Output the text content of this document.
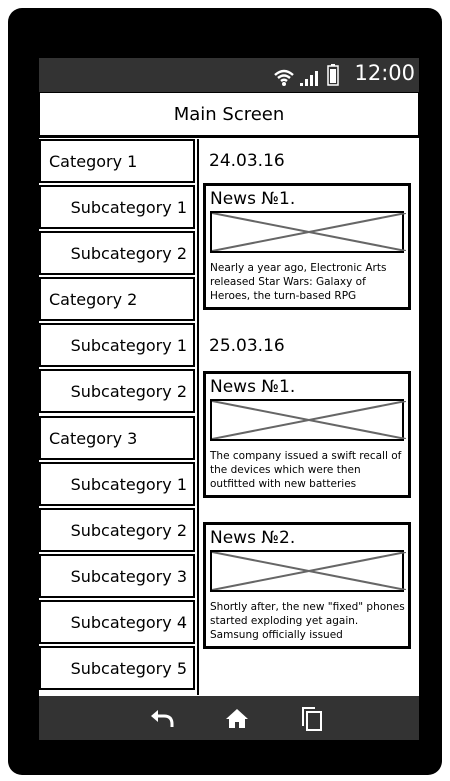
12:00
Main Screen
Category 1
Subcategory 1
Subcategory 2
Category 2
Subcategory 1
Subcategory 2
Category 3
Subcategory 1
Subcategory 2
Subcategory 3
Subcategory 4
Subcategory 5
24.03.16
News №1.
Nearly a year ago, Electronic Arts released Star Wars: Galaxy of Heroes, the turn-based RPG
25.03.16
News №1.
The company issued a swift recall of the devices which were then outfitted with new batteries
News №2.
Shortly after, the new "fixed" phones started exploding yet again. Samsung officially issued
